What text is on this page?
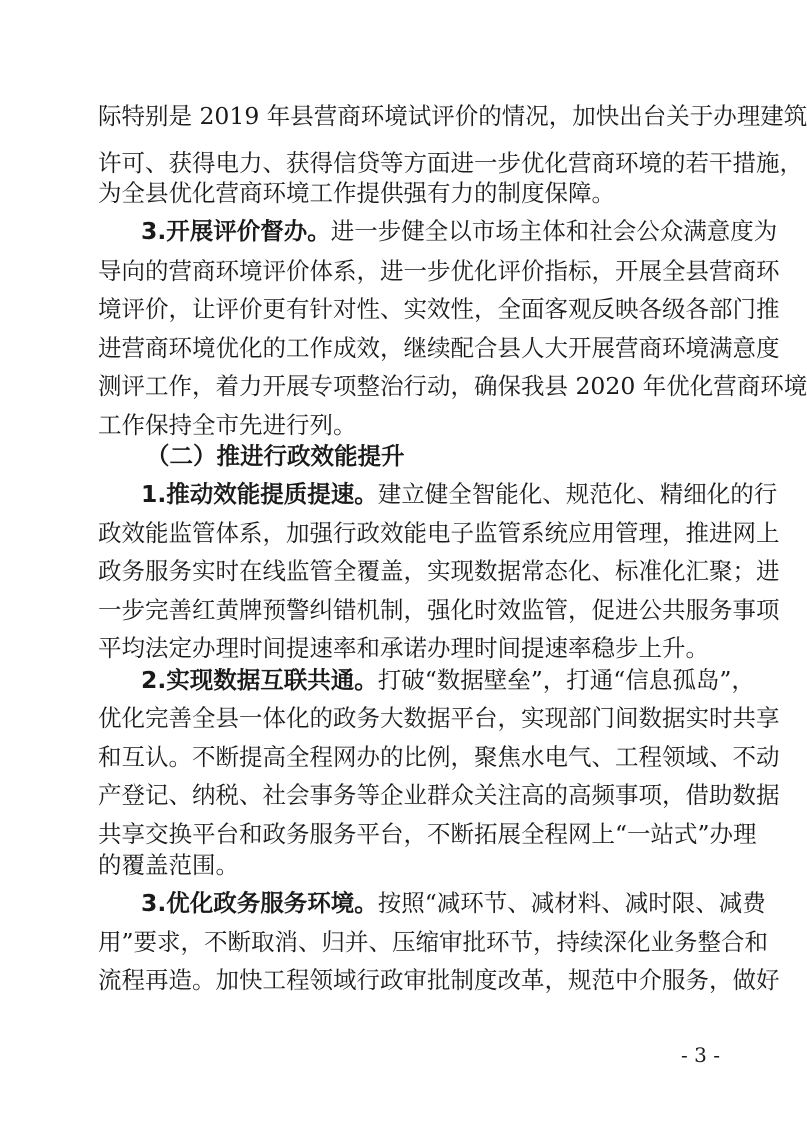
际特别是 2019 年县营商环境试评价的情况，加快出台关于办理建筑
许可、获得电力、获得信贷等方面进一步优化营商环境的若干措施，
为全县优化营商环境工作提供强有力的制度保障。
3.开展评价督办。进一步健全以市场主体和社会公众满意度为
导向的营商环境评价体系，进一步优化评价指标，开展全县营商环
境评价，让评价更有针对性、实效性，全面客观反映各级各部门推
进营商环境优化的工作成效，继续配合县人大开展营商环境满意度
测评工作，着力开展专项整治行动，确保我县 2020 年优化营商环境
工作保持全市先进行列。
（二）推进行政效能提升
1.推动效能提质提速。建立健全智能化、规范化、精细化的行
政效能监管体系，加强行政效能电子监管系统应用管理，推进网上
政务服务实时在线监管全覆盖，实现数据常态化、标准化汇聚；进
一步完善红黄牌预警纠错机制，强化时效监管，促进公共服务事项
平均法定办理时间提速率和承诺办理时间提速率稳步上升。
2.实现数据互联共通。打破“数据壁垒”，打通“信息孤岛”，
优化完善全县一体化的政务大数据平台，实现部门间数据实时共享
和互认。不断提高全程网办的比例，聚焦水电气、工程领域、不动
产登记、纳税、社会事务等企业群众关注高的高频事项，借助数据
共享交换平台和政务服务平台，不断拓展全程网上“一站式”办理
的覆盖范围。
3.优化政务服务环境。按照“减环节、减材料、减时限、减费
用”要求，不断取消、归并、压缩审批环节，持续深化业务整合和
流程再造。加快工程领域行政审批制度改革，规范中介服务，做好
- 3 -
